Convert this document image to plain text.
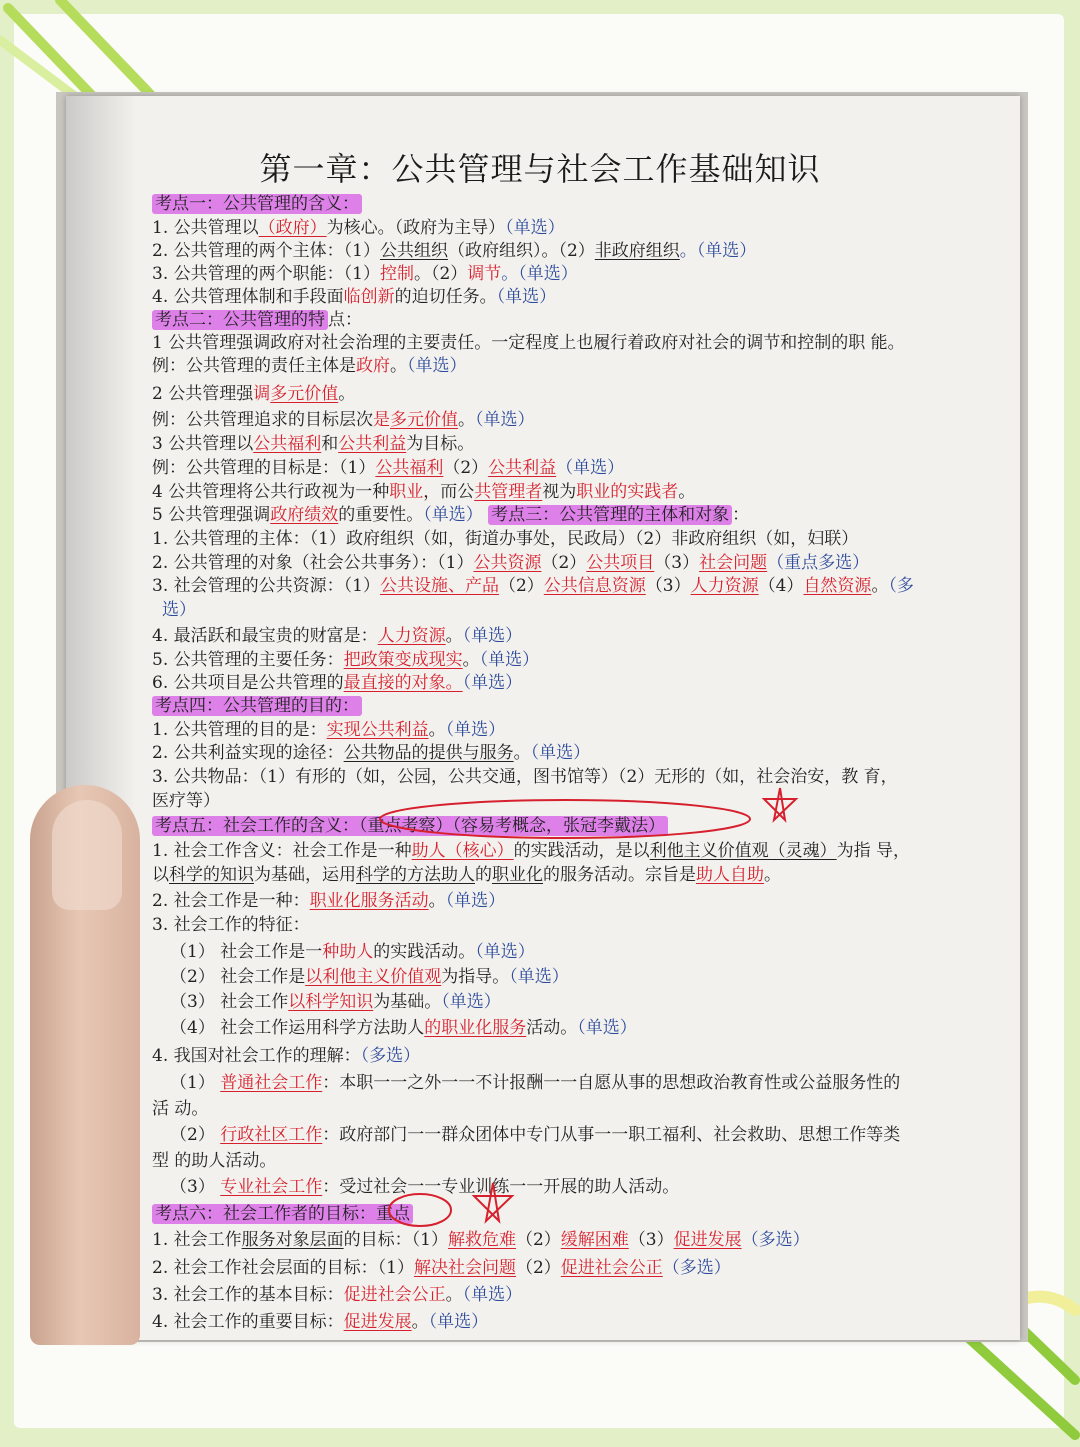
第一章：公共管理与社会工作基础知识
考点一：公共管理的含义：
1. 公共管理以（政府）为核心。（政府为主导）（单选）
2. 公共管理的两个主体：（1）公共组织（政府组织）。（2）非政府组织。（单选）
3. 公共管理的两个职能：（1）控制。（2）调节。（单选）
4. 公共管理体制和手段面临创新的迫切任务。（单选）
考点二：公共管理的特 点：
1 公共管理强调政府对社会治理的主要责任。一定程度上也履行着政府对社会的调节和控制的职 能。
例：公共管理的责任主体是政府。（单选）
2 公共管理强调多元价值。
例：公共管理追求的目标层次是多元价值。（单选）
3 公共管理以公共福利和公共利益为目标。
例：公共管理的目标是：（1）公共福利（2）公共利益（单选）
4 公共管理将公共行政视为一种职业，而公共管理者视为职业的实践者。
5 公共管理强调政府绩效的重要性。（单选） 考点三：公共管理的主体和对象 ：
1. 公共管理的主体：（1）政府组织（如，街道办事处，民政局）（2）非政府组织（如，妇联）
2. 公共管理的对象（社会公共事务）：（1）公共资源（2）公共项目（3）社会问题（重点多选）
3. 社会管理的公共资源：（1）公共设施、产品（2）公共信息资源（3）人力资源（4）自然资源。（多
选）
4. 最活跃和最宝贵的财富是：人力资源。（单选）
5. 公共管理的主要任务：把政策变成现实。（单选）
6. 公共项目是公共管理的最直接的对象。（单选）
考点四：公共管理的目的：
1. 公共管理的目的是：实现公共利益。（单选）
2. 公共利益实现的途径：公共物品的提供与服务。（单选）
3. 公共物品：（1）有形的（如，公园，公共交通，图书馆等）（2）无形的（如，社会治安，教 育，
医疗等）
考点五：社会工作的含义：（重点考察）（容易考概念，张冠李戴法）
1. 社会工作含义：社会工作是一种助人（核心）的实践活动，是以利他主义价值观（灵魂）为指 导，
以科学的知识为基础，运用科学的方法助人的职业化的服务活动。宗旨是助人自助。
2. 社会工作是一种：职业化服务活动。（单选）
3. 社会工作的特征：
（1） 社会工作是一种助人的实践活动。（单选）
（2） 社会工作是以利他主义价值观为指导。（单选）
（3） 社会工作以科学知识为基础。（单选）
（4） 社会工作运用科学方法助人的职业化服务活动。（单选）
4. 我国对社会工作的理解：（多选）
（1） 普通社会工作：本职一一之外一一不计报酬一一自愿从事的思想政治教育性或公益服务性的
活 动。
（2） 行政社区工作：政府部门一一群众团体中专门从事一一职工福利、社会救助、思想工作等类
型 的助人活动。
（3） 专业社会工作：受过社会一一专业训练一一开展的助人活动。
考点六：社会工作者的目标：重点
1. 社会工作服务对象层面的目标：（1）解救危难（2）缓解困难（3）促进发展（多选）
2. 社会工作社会层面的目标：（1）解决社会问题（2）促进社会公正（多选）
3. 社会工作的基本目标：促进社会公正。（单选）
4. 社会工作的重要目标：促进发展。（单选）
